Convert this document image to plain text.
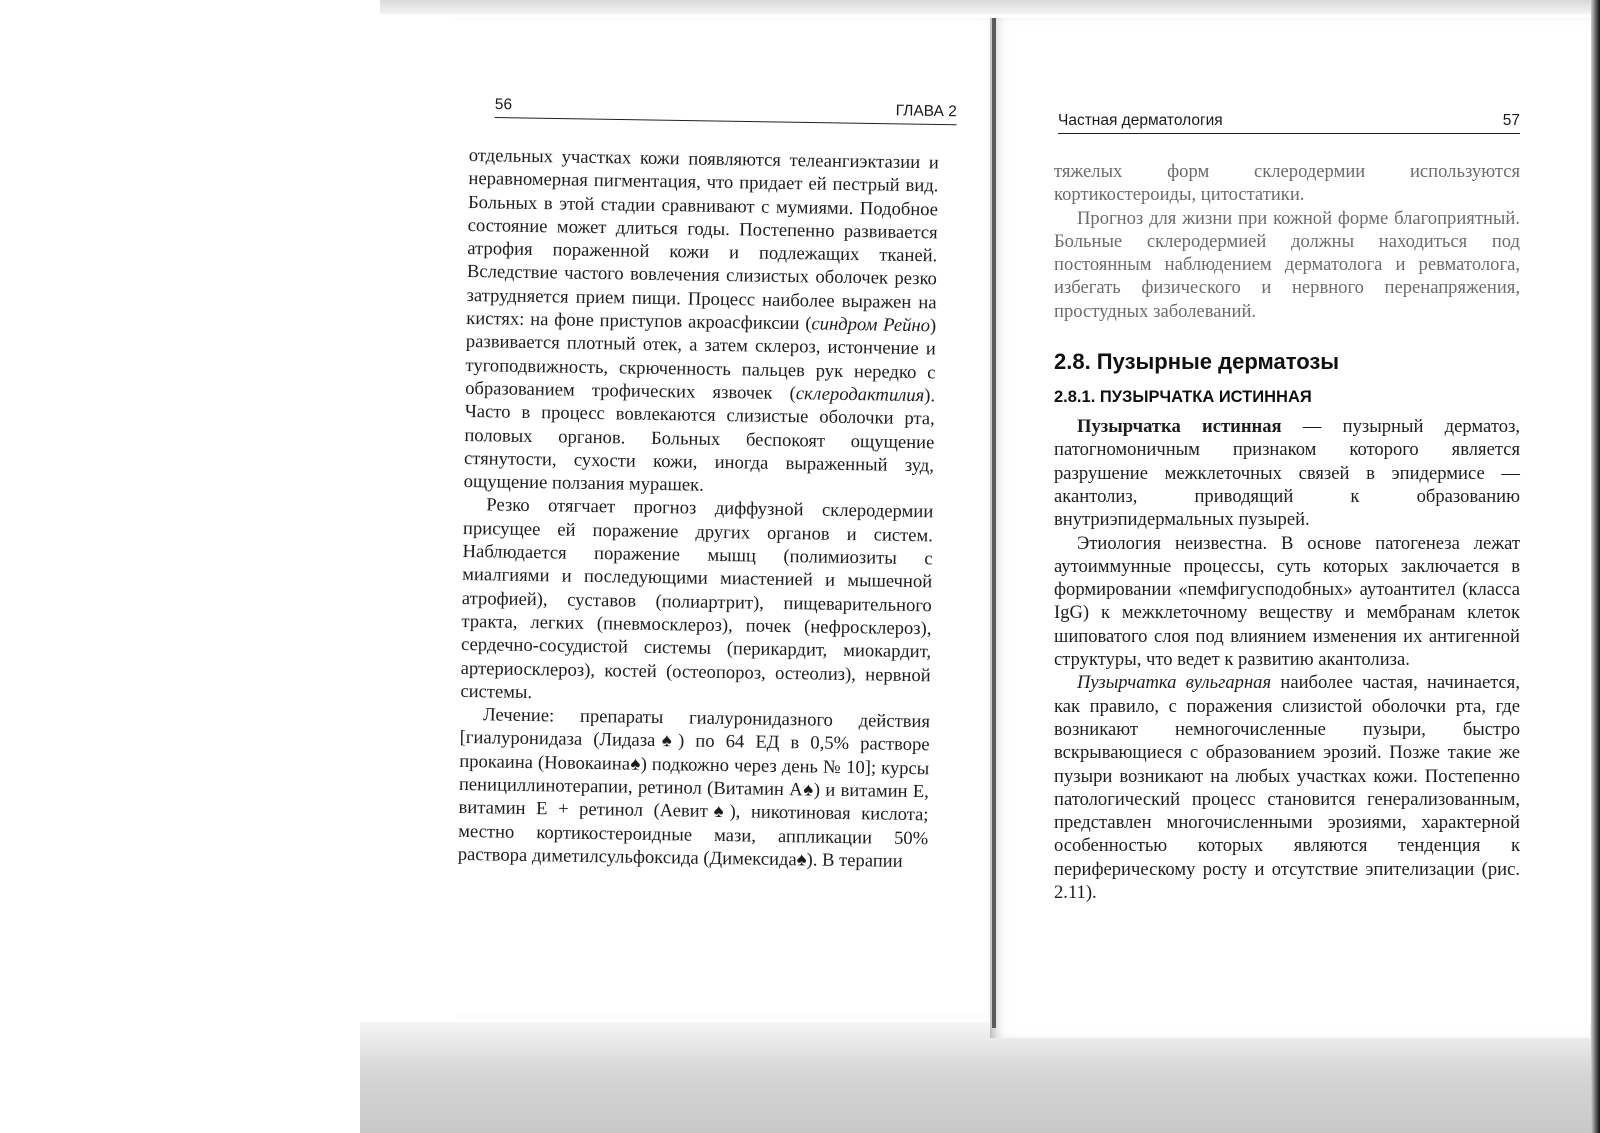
56	ГЛАВА 2

отдельных участках кожи появляются телеангиэктазии и неравномерная пигментация, что придает ей пестрый вид. Больных в этой стадии сравнивают с мумиями. Подобное состояние может длиться годы. Постепенно развивается атрофия пораженной кожи и подлежащих тканей. Вследствие частого вовлечения слизистых оболочек резко затрудняется прием пищи. Процесс наиболее выражен на кистях: на фоне приступов акроасфиксии (синдром Рейно) развивается плотный отек, а затем склероз, истончение и тугоподвижность, скрюченность пальцев рук нередко с образованием трофических язвочек (склеродактилия). Часто в процесс вовлекаются слизистые оболочки рта, половых органов. Больных беспокоят ощущение стянутости, сухости кожи, иногда выраженный зуд, ощущение ползания мурашек.

Резко отягчает прогноз диффузной склеродермии присущее ей поражение других органов и систем. Наблюдается поражение мышц (полимиозиты с миалгиями и последующими миастенией и мышечной атрофией), суставов (полиартрит), пищеварительного тракта, легких (пневмосклероз), почек (нефросклероз), сердечно-сосудистой системы (перикардит, миокардит, артериосклероз), костей (остеопороз, остеолиз), нервной системы.

Лечение: препараты гиалуронидазного действия [гиалуронидаза (Лидаза♠) по 64 ЕД в 0,5% растворе прокаина (Новокаина♠) подкожно через день № 10]; курсы пенициллинотерапии, ретинол (Витамин А♠) и витамин Е, витамин Е + ретинол (Аевит♠), никотиновая кислота; местно кортикостероидные мази, аппликации 50% раствора диметилсульфоксида (Димексида♠). В терапии

Частная дерматология	57

тяжелых форм склеродермии используются кортикостероиды, цитостатики.

Прогноз для жизни при кожной форме благоприятный. Больные склеродермией должны находиться под постоянным наблюдением дерматолога и ревматолога, избегать физического и нервного перенапряжения, простудных заболеваний.

2.8. Пузырные дерматозы
2.8.1. ПУЗЫРЧАТКА ИСТИННАЯ

Пузырчатка истинная — пузырный дерматоз, патогномоничным признаком которого является разрушение межклеточных связей в эпидермисе — акантолиз, приводящий к образованию внутриэпидермальных пузырей.

Этиология неизвестна. В основе патогенеза лежат аутоиммунные процессы, суть которых заключается в формировании «пемфигусподобных» аутоантител (класса IgG) к межклеточному веществу и мембранам клеток шиповатого слоя под влиянием изменения их антигенной структуры, что ведет к развитию акантолиза.

Пузырчатка вульгарная наиболее частая, начинается, как правило, с поражения слизистой оболочки рта, где возникают немногочисленные пузыри, быстро вскрывающиеся с образованием эрозий. Позже такие же пузыри возникают на любых участках кожи. Постепенно патологический процесс становится генерализованным, представлен многочисленными эрозиями, характерной особенностью которых являются тенденция к периферическому росту и отсутствие эпителизации (рис. 2.11).
